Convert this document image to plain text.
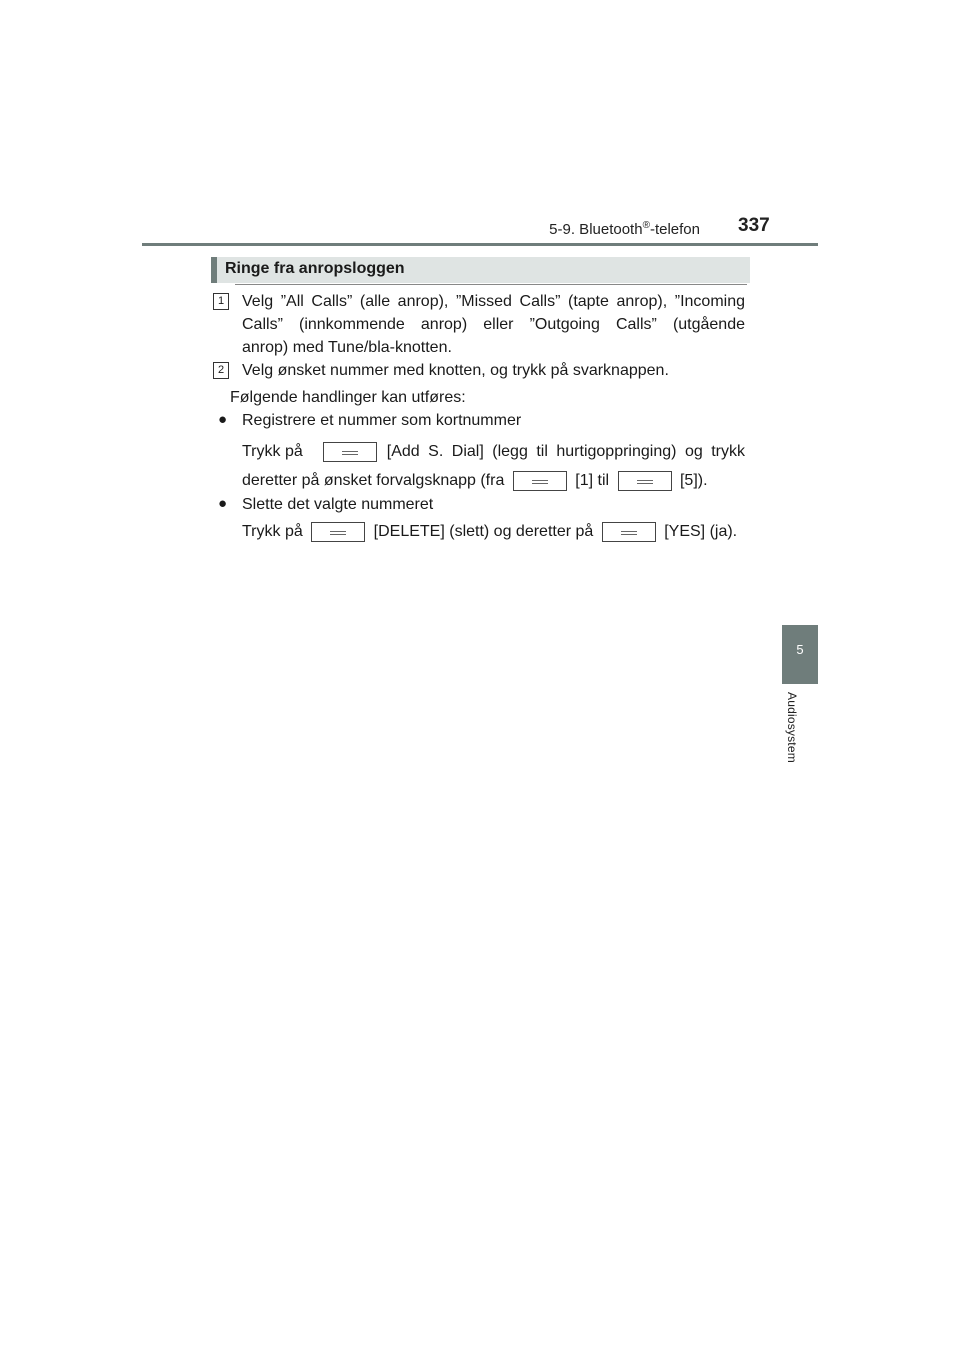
5-9. Bluetooth®-telefon 337
5
Audiosystem
Ringe fra anropsloggen
1	Velg ”All Calls” (alle anrop), ”Missed Calls” (tapte anrop), ”Incoming
Calls” (innkommende anrop) eller ”Outgoing Calls” (utgående
anrop) med Tune/bla-knotten.
2	Velg ønsket nummer med knotten, og trykk på svarknappen.
Følgende handlinger kan utføres:
● Registrere et nummer som kortnummer
Trykk på	[Add S. Dial] (legg til hurtigoppringing) og trykk
deretter på ønsket forvalgsknapp (fra	[1] til	[5]).
● Slette det valgte nummeret
Trykk på	[DELETE] (slett) og deretter på	[YES] (ja).
